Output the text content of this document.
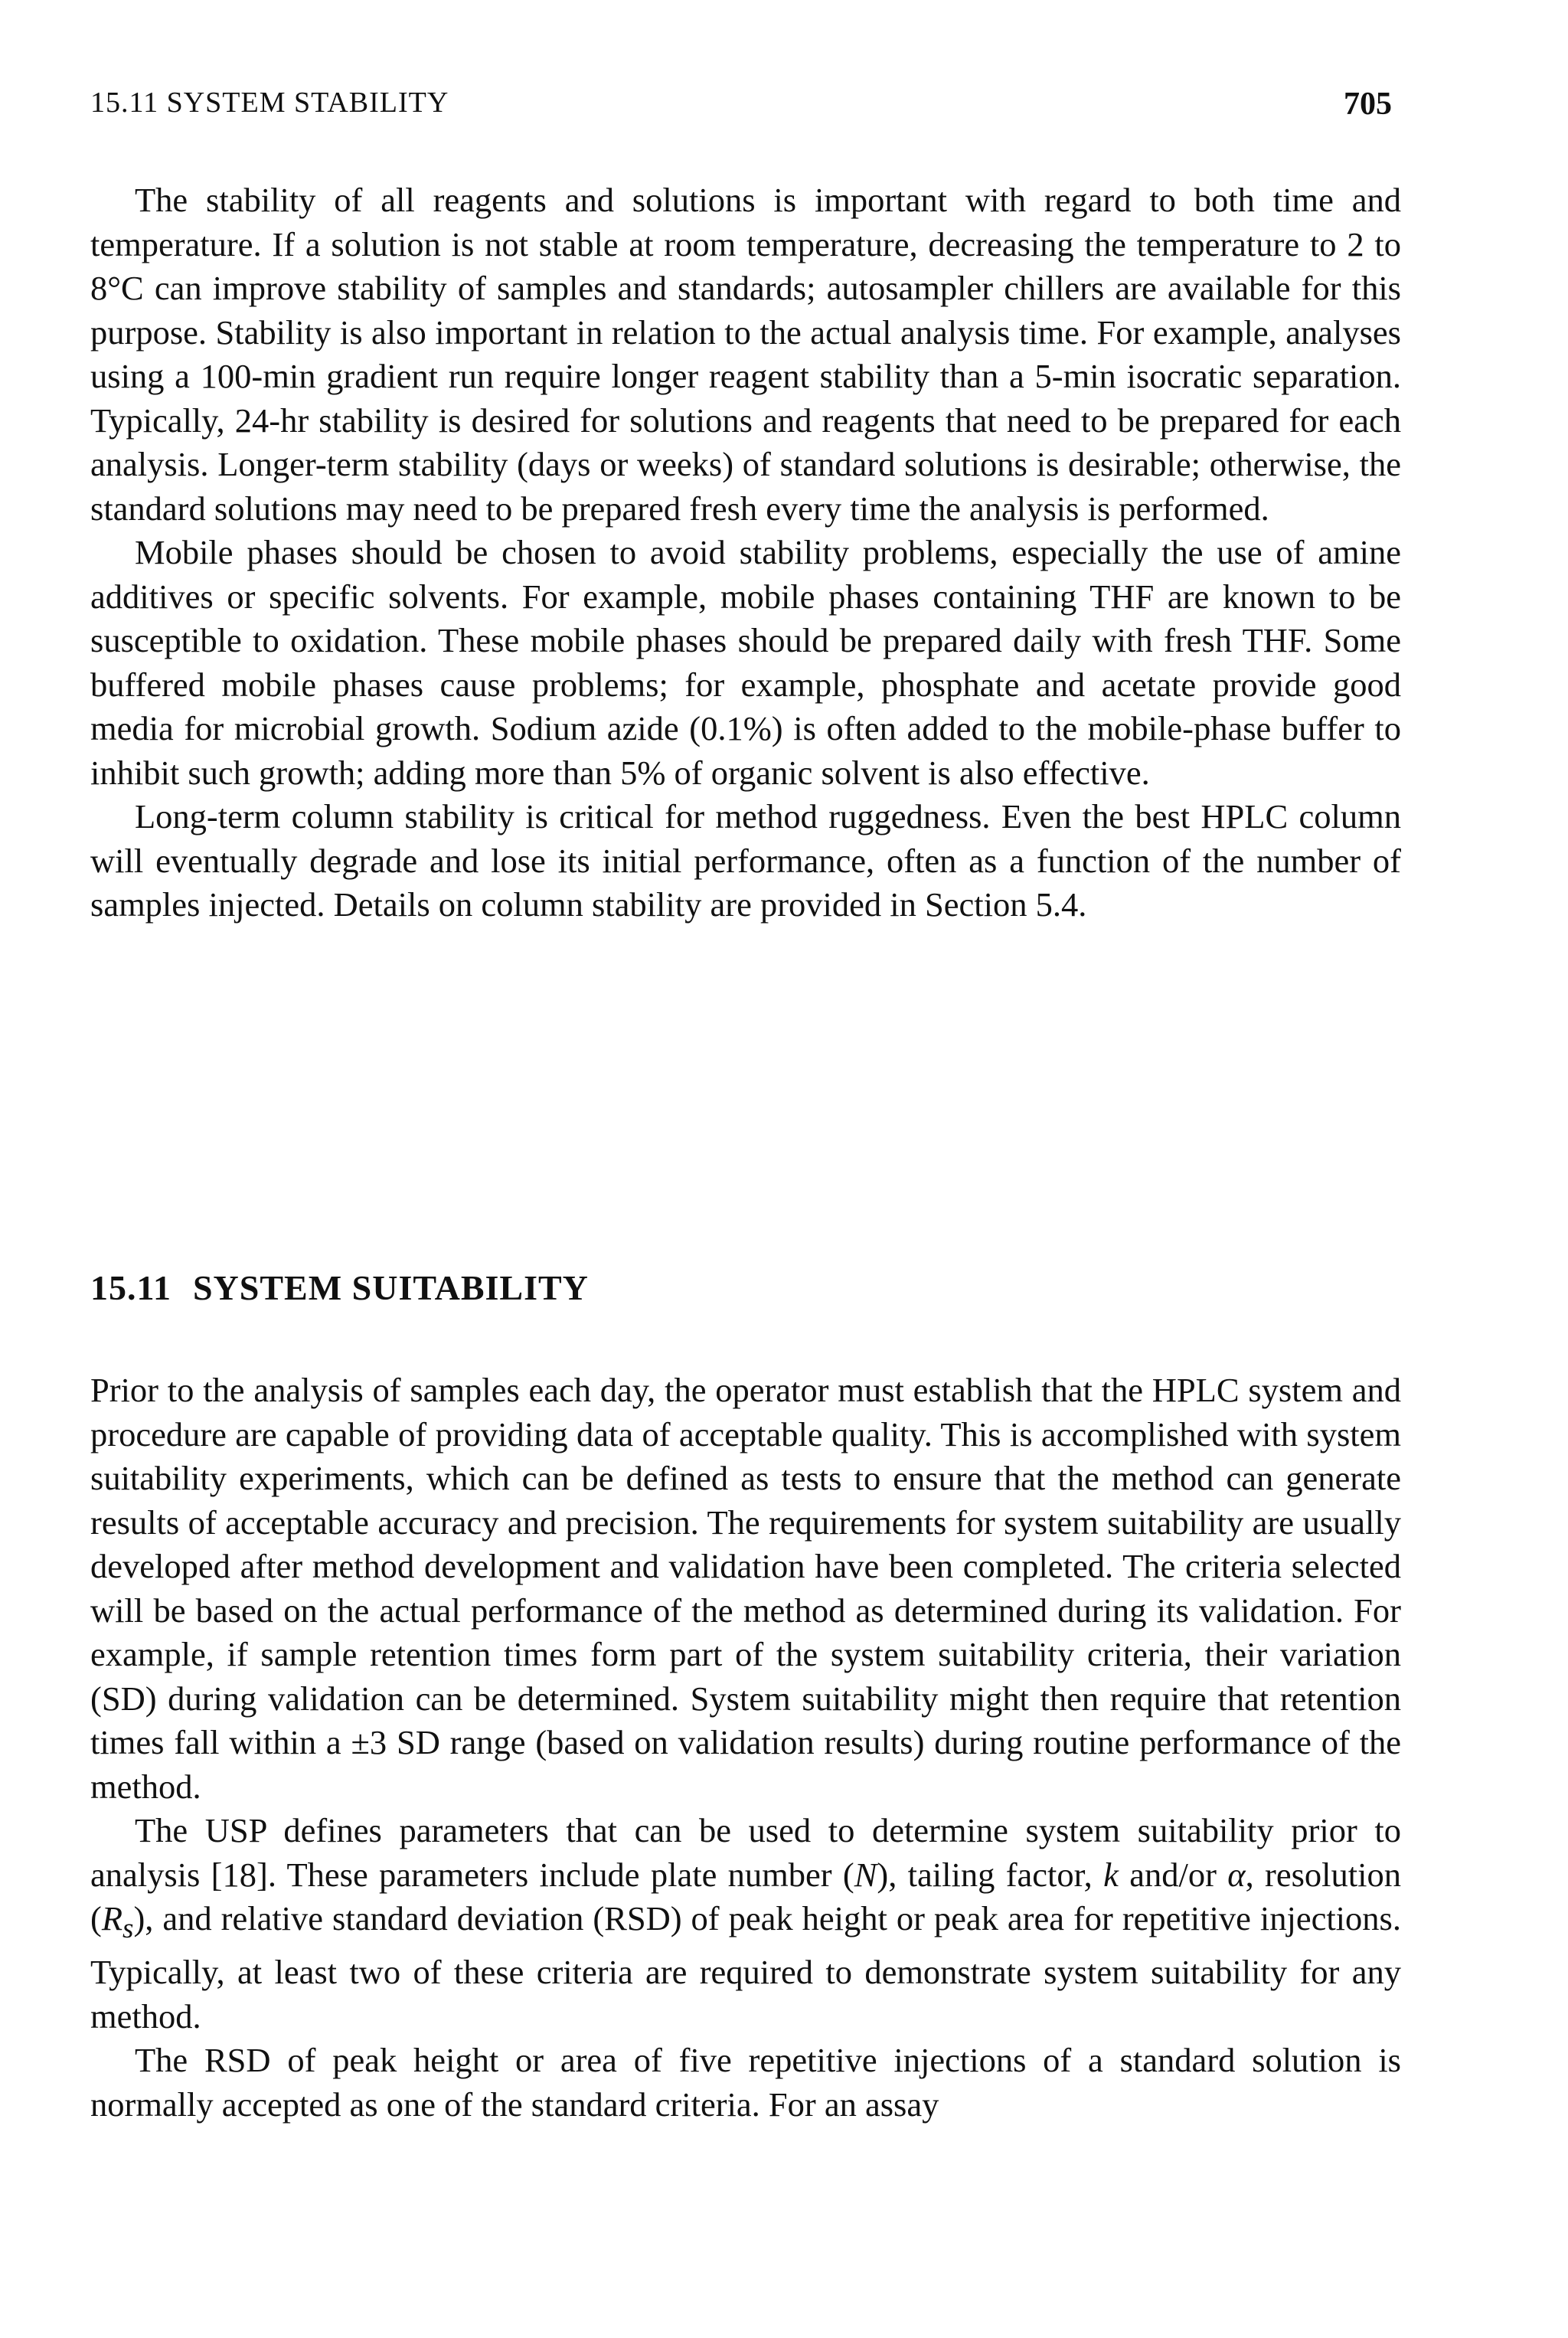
15.11 SYSTEM STABILITY	705

The stability of all reagents and solutions is important with regard to both time and temperature. If a solution is not stable at room temperature, decreasing the temperature to 2 to 8°C can improve stability of samples and standards; autosampler chillers are available for this purpose. Stability is also important in relation to the actual analysis time. For example, analyses using a 100-min gradient run require longer reagent stability than a 5-min isocratic separation. Typically, 24-hr stability is desired for solutions and reagents that need to be prepared for each analysis. Longer-term stability (days or weeks) of standard solutions is desirable; otherwise, the standard solutions may need to be prepared fresh every time the analysis is performed.

Mobile phases should be chosen to avoid stability problems, especially the use of amine additives or specific solvents. For example, mobile phases containing THF are known to be susceptible to oxidation. These mobile phases should be prepared daily with fresh THF. Some buffered mobile phases cause problems; for example, phosphate and acetate provide good media for microbial growth. Sodium azide (0.1%) is often added to the mobile-phase buffer to inhibit such growth; adding more than 5% of organic solvent is also effective.

Long-term column stability is critical for method ruggedness. Even the best HPLC column will eventually degrade and lose its initial performance, often as a function of the number of samples injected. Details on column stability are provided in Section 5.4.

15.11 SYSTEM SUITABILITY

Prior to the analysis of samples each day, the operator must establish that the HPLC system and procedure are capable of providing data of acceptable quality. This is accomplished with system suitability experiments, which can be defined as tests to ensure that the method can generate results of acceptable accuracy and precision. The requirements for system suitability are usually developed after method development and validation have been completed. The criteria selected will be based on the actual performance of the method as determined during its validation. For example, if sample retention times form part of the system suitability criteria, their variation (SD) during validation can be determined. System suitability might then require that retention times fall within a ±3 SD range (based on validation results) during routine performance of the method.

The USP defines parameters that can be used to determine system suitability prior to analysis [18]. These parameters include plate number (N), tailing factor, k and/or α, resolution $(R_s)$, and relative standard deviation (RSD) of peak height or peak area for repetitive injections. Typically, at least two of these criteria are required to demonstrate system suitability for any method.

The RSD of peak height or area of five repetitive injections of a standard solution is normally accepted as one of the standard criteria. For an assay
